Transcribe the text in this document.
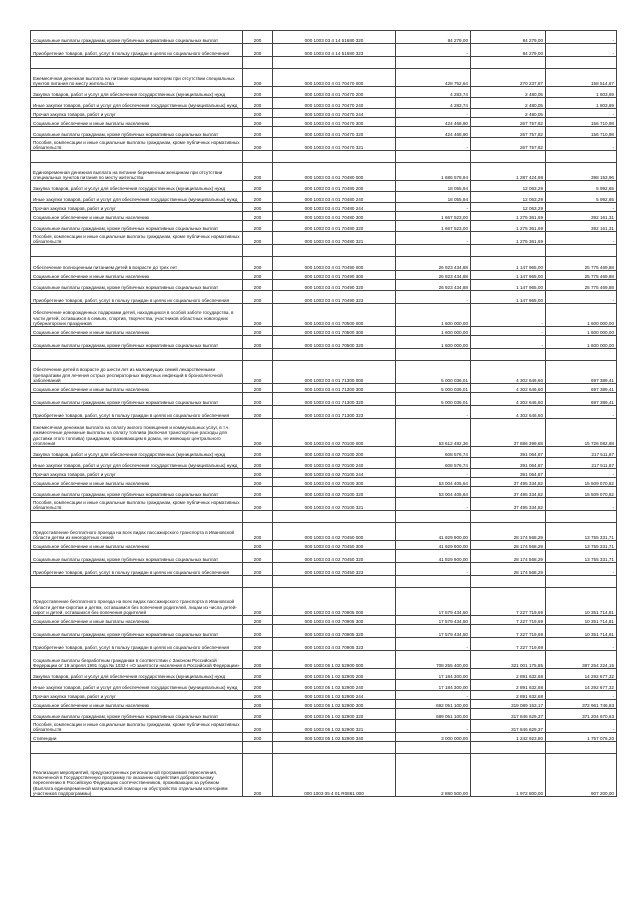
Социальные выплаты гражданам, кроме публичных нормативных социальных выплат	200	000 1003 03 4 14 51680 320	84 279,00	84 279,00	-
Приобретение товаров, работ, услуг в пользу граждан в целях их социального обеспечения	200	000 1003 03 4 14 51680 323	-	84 279,00	-

Ежемесячная денежная выплата на питание кормящим матерям при отсутствии специальных пунктов питания по месту жительства	200	000 1003 03 4 01 70470 000	428 752,64	270 237,87	158 514,67
Закупка товаров, работ и услуг для обеспечения государственных (муниципальных) нужд	200	000 1003 03 4 01 70470 200	4 283,74	2 480,05	1 803,69
Иные закупки товаров, работ и услуг для обеспечения государственных (муниципальных) нужд	200	000 1003 03 4 01 70470 240	4 283,74	2 480,05	1 803,69
Прочая закупка товаров, работ и услуг	200	000 1003 03 4 01 70470 244	-	2 480,05	-
Социальное обеспечение и иные выплаты населению	200	000 1003 03 4 01 70470 300	424 468,90	267 757,82	156 710,98
Социальные выплаты гражданам, кроме публичных нормативных социальных выплат	200	000 1003 03 4 01 70470 320	424 468,90	267 757,82	156 710,98
Пособия, компенсации и иные социальные выплаты гражданам, кроме публичных нормативных обязательств	200	000 1003 03 4 01 70470 321	-	267 757,82	-

Единовременная денежная выплата на питание беременным женщинам при отсутствии специальных пунктов питания по месту жительства	200	000 1003 03 4 01 70480 000	1 686 578,94	1 287 424,98	398 153,96
Закупка товаров, работ и услуг для обеспечения государственных (муниципальных) нужд	200	000 1003 03 4 01 70480 200	18 055,94	12 063,29	5 992,65
Иные закупки товаров, работ и услуг для обеспечения государственных (муниципальных) нужд	200	000 1003 03 4 01 70480 240	18 055,94	12 063,29	5 992,65
Прочая закупка товаров, работ и услуг	200	000 1003 03 4 01 70480 244	-	12 063,29	-
Социальное обеспечение и иные выплаты населению	200	000 1003 03 4 01 70480 300	1 667 523,00	1 275 361,69	392 161,31
Социальные выплаты гражданам, кроме публичных нормативных социальных выплат	200	000 1003 03 4 01 70480 320	1 667 523,00	1 275 361,69	392 161,31
Пособия, компенсации и иные социальные выплаты гражданам, кроме публичных нормативных обязательств	200	000 1003 03 4 01 70480 321	-	1 275 361,69	-

Обеспечение полноценным питанием детей в возрасте до трех лет	200	000 1003 03 4 01 70490 000	26 923 434,88	1 147 965,00	25 775 469,88
Социальное обеспечение и иные выплаты населению	200	000 1003 03 4 01 70490 300	26 923 434,88	1 147 965,00	25 775 469,88
Социальные выплаты гражданам, кроме публичных нормативных социальных выплат	200	000 1003 03 4 01 70490 320	26 923 434,88	1 147 965,00	25 775 469,88
Приобретение товаров, работ, услуг в пользу граждан в целях их социального обеспечения	200	000 1003 03 4 01 70490 323	-	1 147 965,00	-
Обеспечение новорожденных подарками детей, находящихся в особой заботе государства, в части детей, оставшихся в семьях, спортив, творчества, участников областных новогодних губернаторских праздников	200	000 1003 03 4 01 70500 000	1 600 000,00	-	1 600 000,00
Социальное обеспечение и иные выплаты населению	200	000 1003 03 4 01 70500 300	1 600 000,00	-	1 600 000,00
Социальные выплаты гражданам, кроме публичных нормативных социальных выплат	200	000 1003 03 4 01 70500 320	1 600 000,00	-	1 600 000,00

Обеспечение детей в возрасте до шести лет из малоимущих семей лекарственными препаратами для лечения острых респираторных вирусных инфекций в бронхолегочной заболеваний	200	000 1003 03 4 01 71300 000	5 000 036,01	4 302 646,60	697 389,41
Социальное обеспечение и иные выплаты населению	200	000 1003 03 4 01 71300 300	5 000 036,01	4 302 646,60	697 389,41
Социальные выплаты гражданам, кроме публичных нормативных социальных выплат	200	000 1003 03 4 01 71300 320	5 000 036,01	4 302 646,60	697 389,41
Приобретение товаров, работ, услуг в пользу граждан в целях их социального обеспечения	200	000 1003 03 4 01 71300 323	-	4 302 646,60	-
Ежемесячная денежная выплата на оплату жилого помещения и коммунальных услуг, в т.ч. ежемесячные денежные выплаты на оплату топлива (включая транспортные расходы для доставки этого топлива) гражданам, проживающим в домах, не имеющих центрального отопления	200	000 1003 03 4 02 70100 000	53 612 482,36	37 886 399,68	15 726 082,68
Закупка товаров, работ и услуг для обеспечения государственных (муниципальных) нужд	200	000 1003 03 4 02 70100 200	608 576,74	391 064,87	217 511,87
Иные закупки товаров, работ и услуг для обеспечения государственных (муниципальных) нужд	200	000 1003 03 4 02 70100 240	608 576,74	391 064,87	217 511,87
Прочая закупка товаров, работ и услуг	200	000 1003 03 4 02 70100 244	-	391 064,87	-
Социальное обеспечение и иные выплаты населению	200	000 1003 03 4 02 70100 300	53 004 405,64	37 495 334,82	15 509 070,82
Социальные выплаты гражданам, кроме публичных нормативных социальных выплат	200	000 1003 03 4 02 70100 320	53 004 405,64	37 495 334,82	15 509 070,82
Пособия, компенсации и иные социальные выплаты гражданам, кроме публичных нормативных обязательств	200	000 1003 03 4 02 70100 321	-	37 495 334,82	-

Предоставление бесплатного проезда на всех видах пассажирского транспорта в Ивановской области детям из многодетных семей	200	000 1003 03 4 02 70450 000	41 929 900,00	28 174 568,29	13 755 331,71
Социальное обеспечение и иные выплаты населению	200	000 1003 03 4 02 70450 300	41 929 900,00	28 174 568,29	13 755 331,71
Социальные выплаты гражданам, кроме публичных нормативных социальных выплат	200	000 1003 03 4 02 70450 320	41 929 900,00	28 174 568,29	13 755 331,71
Приобретение товаров, работ, услуг в пользу граждан в целях их социального обеспечения	200	000 1003 03 4 02 70450 323	-	28 174 568,29	-

Предоставление бесплатного проезда на всех видах пассажирского транспорта в Ивановской области детям-сиротам и детям, оставшимся без попечения родителей, лицам из числа детей-сирот и детей, оставшихся без попечения родителей	200	000 1003 03 4 03 70905 000	17 579 434,50	7 227 719,69	10 351 714,81
Социальное обеспечение и иные выплаты населению	200	000 1003 03 4 03 70905 300	17 579 434,50	7 227 719,69	10 351 714,81
Социальные выплаты гражданам, кроме публичных нормативных социальных выплат	200	000 1003 03 4 03 70905 320	17 579 434,50	7 227 719,69	10 351 714,81
Приобретение товаров, работ, услуг в пользу граждан в целях их социального обеспечения	200	000 1003 03 4 03 70905 323	-	7 227 719,69	-
Социальные выплаты безработным гражданам в соответствии с Законом Российской Федерации от 19 апреля 1991 года № 1032-I «О занятости населения в Российской Федерации»	200	000 1003 05 1 02 52900 000	708 255 400,00	321 001 175,85	387 254 224,15
Закупка товаров, работ и услуг для обеспечения государственных (муниципальных) нужд	200	000 1003 05 1 02 52900 200	17 184 300,00	2 891 632,68	14 292 677,32
Иные закупки товаров, работ и услуг для обеспечения государственных (муниципальных) нужд	200	000 1003 05 1 02 52900 240	17 184 300,00	2 891 632,68	14 292 677,32
Прочая закупка товаров, работ и услуг	200	000 1003 05 1 02 52900 244	-	2 891 632,68	-
Социальное обеспечение и иные выплаты населению	200	000 1003 05 1 02 52900 300	692 051 100,00	319 089 153,17	372 961 746,83
Социальные выплаты гражданам, кроме публичных нормативных социальных выплат	200	000 1003 05 1 02 52900 320	689 051 100,00	317 846 629,37	371 204 670,63
Пособия, компенсации и иные социальные выплаты гражданам, кроме публичных нормативных обязательств	200	000 1003 05 1 02 52900 321	-	317 846 629,37	-
Стипендии	200	000 1003 05 1 02 52900 340	3 000 000,00	1 242 923,80	1 757 076,20

Реализация мероприятий, предусмотренных региональной программой переселения, включенной в Государственную программу по оказанию содействия добровольному переселению в Российскую Федерацию соотечественников, проживающих за рубежом (Выплата единовременной материальной помощи на обустройство отдельным категориям участников подпрограммы)	200	000 1003 05 4 01 R0861 000	2 880 500,00	1 972 800,00	907 200,00
